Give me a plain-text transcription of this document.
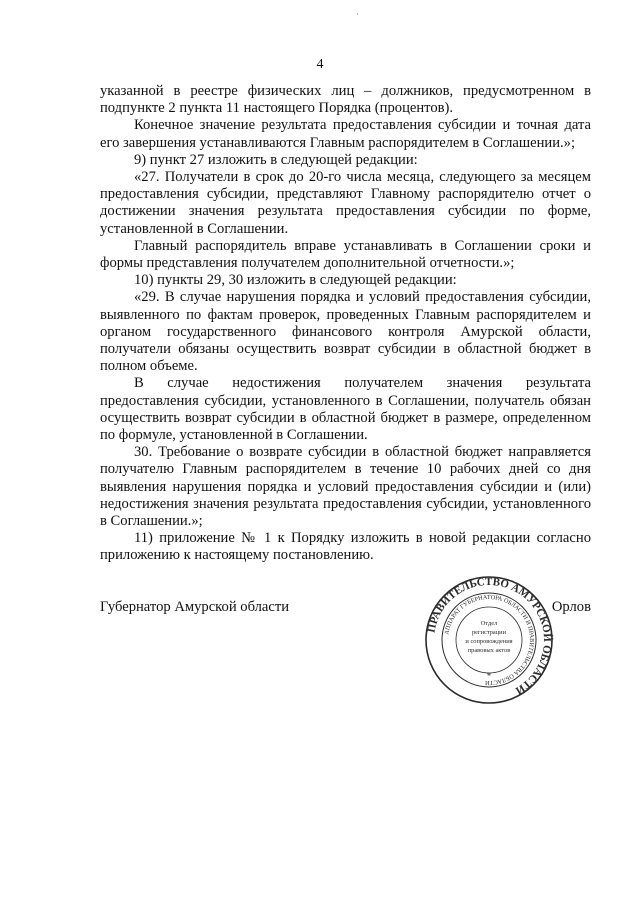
4
·

указанной в реестре физических лиц – должников, предусмотренном в подпункте 2 пункта 11 настоящего Порядка (процентов).

Конечное значение результата предоставления субсидии и точная дата его завершения устанавливаются Главным распорядителем в Соглашении.»;

9) пункт 27 изложить в следующей редакции:

«27. Получатели в срок до 20-го числа месяца, следующего за месяцем предоставления субсидии, представляют Главному распорядителю отчет о достижении значения результата предоставления субсидии по форме, установленной в Соглашении.

Главный распорядитель вправе устанавливать в Соглашении сроки и формы представления получателем дополнительной отчетности.»;

10) пункты 29, 30 изложить в следующей редакции:

«29. В случае нарушения порядка и условий предоставления субсидии, выявленного по фактам проверок, проведенных Главным распорядителем и органом государственного финансового контроля Амурской области, получатели обязаны осуществить возврат субсидии в областной бюджет в полном объеме.

В случае недостижения получателем значения результата предоставления субсидии, установленного в Соглашении, получатель обязан осуществить возврат субсидии в областной бюджет в размере, определенном по формуле, установленной в Соглашении.

30. Требование о возврате субсидии в областной бюджет направляется получателю Главным распорядителем в течение 10 рабочих дней со дня выявления нарушения порядка и условий предоставления субсидии и (или) недостижения значения результата предоставления субсидии, установленного в Соглашении.»;

11) приложение № 1 к Порядку изложить в новой редакции согласно приложению к настоящему постановлению.

Губернатор Амурской области	Орлов
ПРАВИТЕЛЬСТВО АМУРСКОЙ ОБЛАСТИ
АППАРАТ ГУБЕРНАТОРА ОБЛАСТИ И ПРАВИТЕЛЬСТВА ОБЛАСТИ
Отдел
регистрации
и сопровождения
правовых актов
*
